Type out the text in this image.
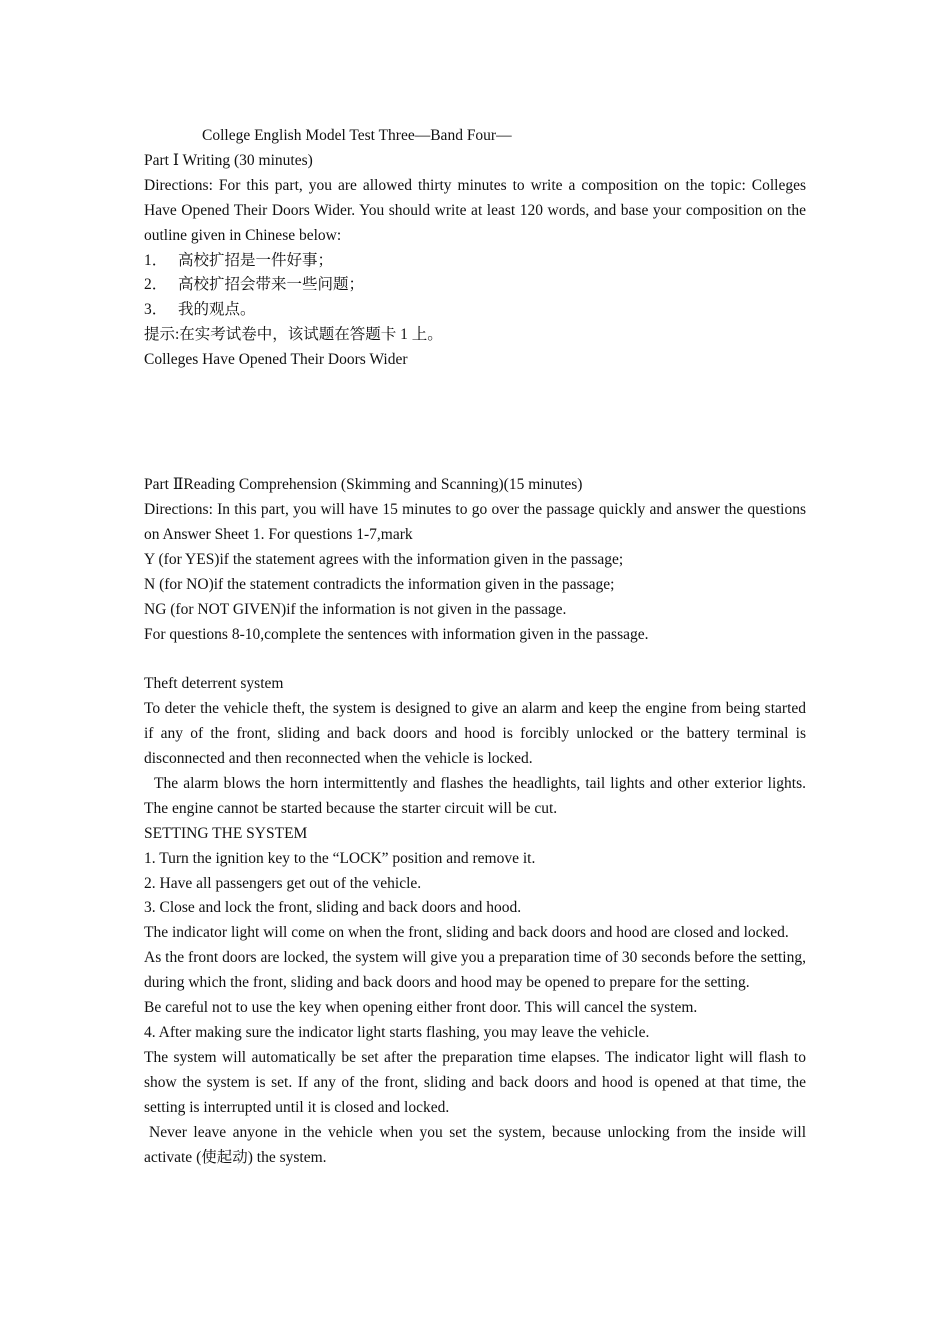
College English Model Test Three—Band Four—

Part Ⅰ Writing (30 minutes)

Directions: For this part, you are allowed thirty minutes to write a composition on the topic: Colleges Have Opened Their Doors Wider. You should write at least 120 words, and base your composition on the outline given in Chinese below:

1． 高校扩招是一件好事；
2． 高校扩招会带来一些问题；
3． 我的观点。

提示:在实考试卷中，该试题在答题卡 1 上。

Colleges Have Opened Their Doors Wider

Part ⅡReading Comprehension (Skimming and Scanning)(15 minutes)

Directions: In this part, you will have 15 minutes to go over the passage quickly and answer the questions on Answer Sheet 1. For questions 1-7,mark

Y (for YES)if the statement agrees with the information given in the passage;

N (for NO)if the statement contradicts the information given in the passage;

NG (for NOT GIVEN)if the information is not given in the passage.

For questions 8-10,complete the sentences with information given in the passage.

Theft deterrent system

To deter the vehicle theft, the system is designed to give an alarm and keep the engine from being started if any of the front, sliding and back doors and hood is forcibly unlocked or the battery terminal is disconnected and then reconnected when the vehicle is locked.

The alarm blows the horn intermittently and flashes the headlights, tail lights and other exterior lights. The engine cannot be started because the starter circuit will be cut.

SETTING THE SYSTEM

1. Turn the ignition key to the “LOCK” position and remove it.

2. Have all passengers get out of the vehicle.

3. Close and lock the front, sliding and back doors and hood.

The indicator light will come on when the front, sliding and back doors and hood are closed and locked.

As the front doors are locked, the system will give you a preparation time of 30 seconds before the setting, during which the front, sliding and back doors and hood may be opened to prepare for the setting.

Be careful not to use the key when opening either front door. This will cancel the system.

4. After making sure the indicator light starts flashing, you may leave the vehicle.

The system will automatically be set after the preparation time elapses. The indicator light will flash to show the system is set. If any of the front, sliding and back doors and hood is opened at that time, the setting is interrupted until it is closed and locked.

Never leave anyone in the vehicle when you set the system, because unlocking from the inside will activate (使起动) the system.
